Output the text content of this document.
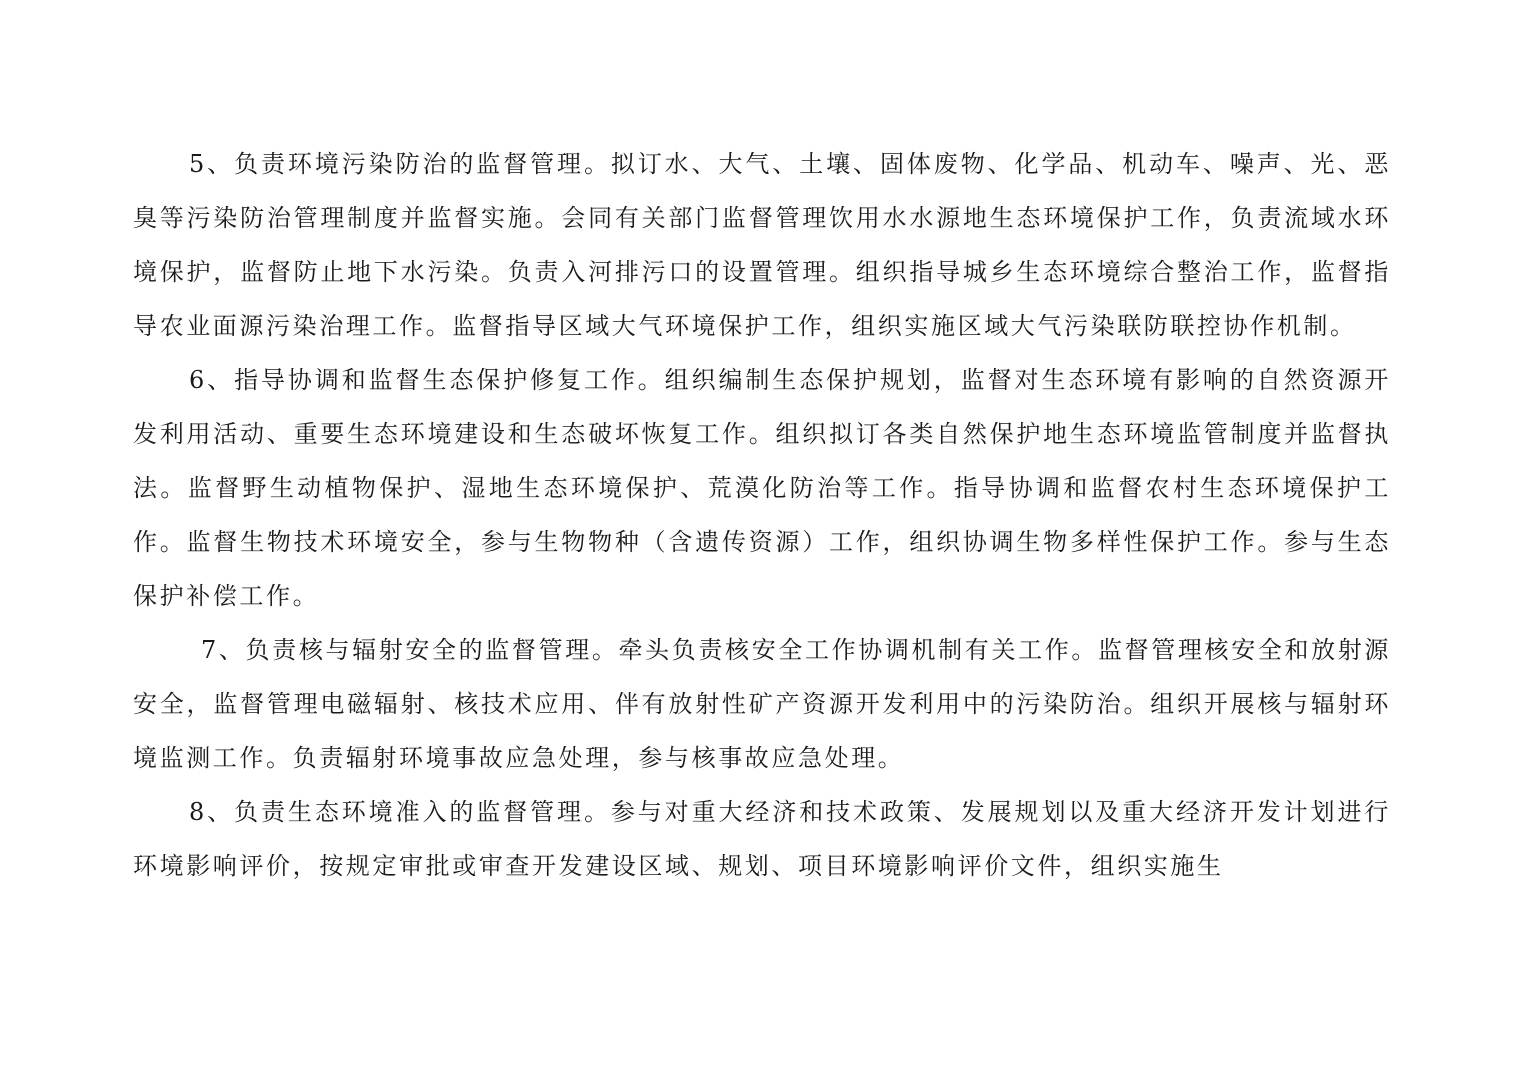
5、负责环境污染防治的监督管理。拟订水、大气、土壤、固体废物、化学品、机动车、噪声、光、恶臭等污染防治管理制度并监督实施。会同有关部门监督管理饮用水水源地生态环境保护工作，负责流域水环境保护，监督防止地下水污染。负责入河排污口的设置管理。组织指导城乡生态环境综合整治工作，监督指导农业面源污染治理工作。监督指导区域大气环境保护工作，组织实施区域大气污染联防联控协作机制。

6、指导协调和监督生态保护修复工作。组织编制生态保护规划，监督对生态环境有影响的自然资源开发利用活动、重要生态环境建设和生态破坏恢复工作。组织拟订各类自然保护地生态环境监管制度并监督执法。监督野生动植物保护、湿地生态环境保护、荒漠化防治等工作。指导协调和监督农村生态环境保护工作。监督生物技术环境安全，参与生物物种（含遗传资源）工作，组织协调生物多样性保护工作。参与生态保护补偿工作。

7、负责核与辐射安全的监督管理。牵头负责核安全工作协调机制有关工作。监督管理核安全和放射源安全，监督管理电磁辐射、核技术应用、伴有放射性矿产资源开发利用中的污染防治。组织开展核与辐射环境监测工作。负责辐射环境事故应急处理，参与核事故应急处理。

8、负责生态环境准入的监督管理。参与对重大经济和技术政策、发展规划以及重大经济开发计划进行环境影响评价，按规定审批或审查开发建设区域、规划、项目环境影响评价文件，组织实施生
